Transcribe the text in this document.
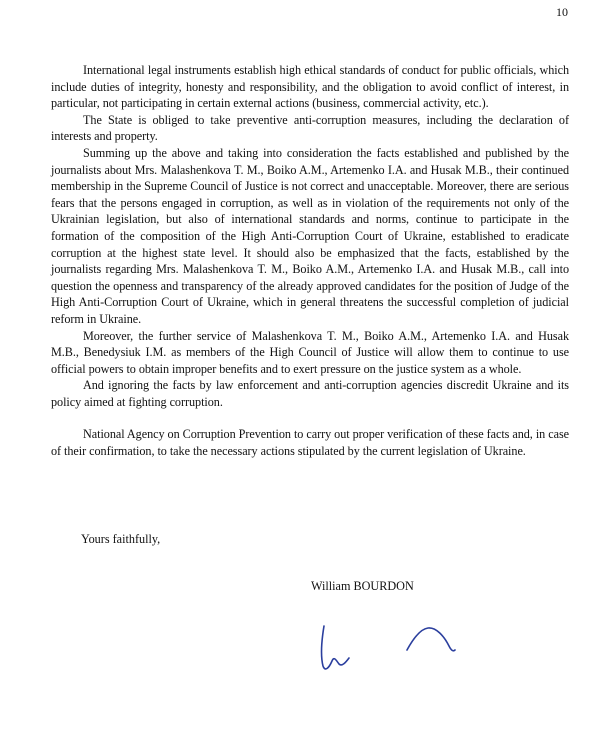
10

International legal instruments establish high ethical standards of conduct for public officials, which include duties of integrity, honesty and responsibility, and the obligation to avoid conflict of interest, in particular, not participating in certain external actions (business, commercial activity, etc.).

The State is obliged to take preventive anti-corruption measures, including the declaration of interests and property.

Summing up the above and taking into consideration the facts established and published by the journalists about Mrs. Malashenkova T. M., Boiko A.M., Artemenko I.A. and Husak M.B., their continued membership in the Supreme Council of Justice is not correct and unacceptable. Moreover, there are serious fears that the persons engaged in corruption, as well as in violation of the requirements not only of the Ukrainian legislation, but also of international standards and norms, continue to participate in the formation of the composition of the High Anti-Corruption Court of Ukraine, established to eradicate corruption at the highest state level. It should also be emphasized that the facts, established by the journalists regarding Mrs. Malashenkova T. M., Boiko A.M., Artemenko I.A. and Husak M.B., call into question the openness and transparency of the already approved candidates for the position of Judge of the High Anti-Corruption Court of Ukraine, which in general threatens the successful completion of judicial reform in Ukraine.

Moreover, the further service of Malashenkova T. M., Boiko A.M., Artemenko I.A. and Husak M.B., Benedysiuk I.M. as members of the High Council of Justice will allow them to continue to use official powers to obtain improper benefits and to exert pressure on the justice system as a whole.

And ignoring the facts by law enforcement and anti-corruption agencies discredit Ukraine and its policy aimed at fighting corruption.

National Agency on Corruption Prevention to carry out proper verification of these facts and, in case of their confirmation, to take the necessary actions stipulated by the current legislation of Ukraine.

Yours faithfully,
William BOURDON
